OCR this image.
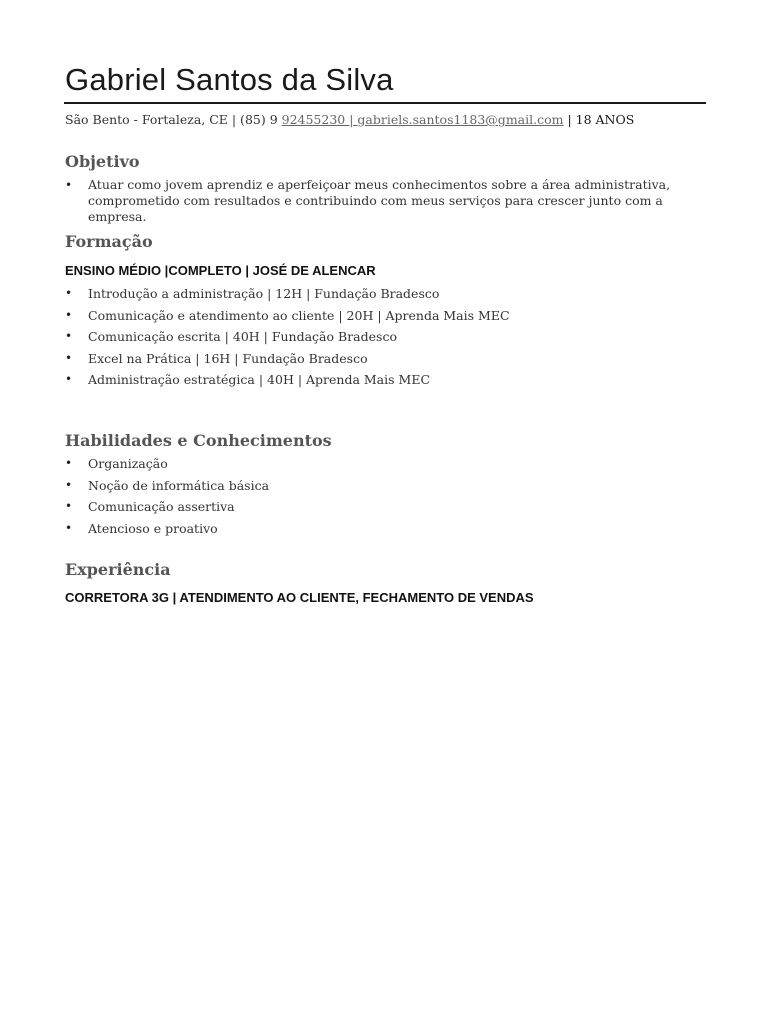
Gabriel Santos da Silva
São Bento - Fortaleza, CE | (85) 9 92455230 | gabriels.santos1183@gmail.com | 18 ANOS
Objetivo
• Atuar como jovem aprendiz e aperfeiçoar meus conhecimentos sobre a área administrativa, comprometido com resultados e contribuindo com meus serviços para crescer junto com a empresa.
Formação
ENSINO MÉDIO |COMPLETO | JOSÉ DE ALENCAR
• Introdução a administração | 12H | Fundação Bradesco
• Comunicação e atendimento ao cliente | 20H | Aprenda Mais MEC
• Comunicação escrita | 40H | Fundação Bradesco
• Excel na Prática | 16H | Fundação Bradesco
• Administração estratégica | 40H | Aprenda Mais MEC
Habilidades e Conhecimentos
• Organização
• Noção de informática básica
• Comunicação assertiva
• Atencioso e proativo
Experiência
CORRETORA 3G | ATENDIMENTO AO CLIENTE, FECHAMENTO DE VENDAS
